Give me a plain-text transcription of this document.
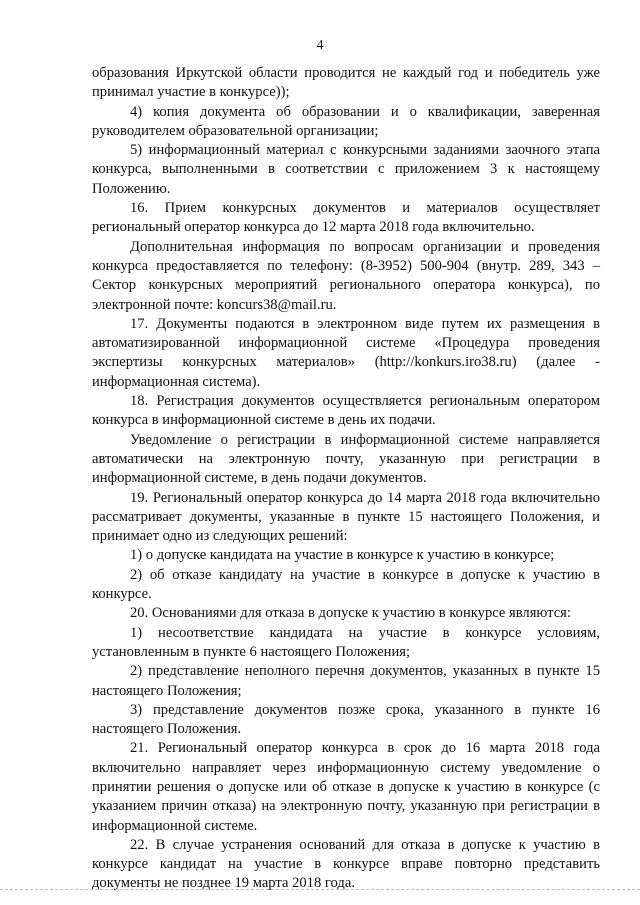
4

образования Иркутской области проводится не каждый год и победитель уже принимал участие в конкурсе));

4) копия документа об образовании и о квалификации, заверенная руководителем образовательной организации;

5) информационный материал с конкурсными заданиями заочного этапа конкурса, выполненными в соответствии с приложением 3 к настоящему Положению.

16. Прием конкурсных документов и материалов осуществляет региональный оператор конкурса до 12 марта 2018 года включительно.

Дополнительная информация по вопросам организации и проведения конкурса предоставляется по телефону: (8-3952) 500-904 (внутр. 289, 343 – Сектор конкурсных мероприятий регионального оператора конкурса), по электронной почте: koncurs38@mail.ru.

17. Документы подаются в электронном виде путем их размещения в автоматизированной информационной системе «Процедура проведения экспертизы конкурсных материалов» (http://konkurs.iro38.ru) (далее - информационная система).

18. Регистрация документов осуществляется региональным оператором конкурса в информационной системе в день их подачи.

Уведомление о регистрации в информационной системе направляется автоматически на электронную почту, указанную при регистрации в информационной системе, в день подачи документов.

19. Региональный оператор конкурса до 14 марта 2018 года включительно рассматривает документы, указанные в пункте 15 настоящего Положения, и принимает одно из следующих решений:

1) о допуске кандидата на участие в конкурсе к участию в конкурсе;

2) об отказе кандидату на участие в конкурсе в допуске к участию в конкурсе.

20. Основаниями для отказа в допуске к участию в конкурсе являются:

1) несоответствие кандидата на участие в конкурсе условиям, установленным в пункте 6 настоящего Положения;

2) представление неполного перечня документов, указанных в пункте 15 настоящего Положения;

3) представление документов позже срока, указанного в пункте 16 настоящего Положения.

21. Региональный оператор конкурса в срок до 16 марта 2018 года включительно направляет через информационную систему уведомление о принятии решения о допуске или об отказе в допуске к участию в конкурсе (с указанием причин отказа) на электронную почту, указанную при регистрации в информационной системе.

22. В случае устранения оснований для отказа в допуске к участию в конкурсе кандидат на участие в конкурсе вправе повторно представить документы не позднее 19 марта 2018 года.
